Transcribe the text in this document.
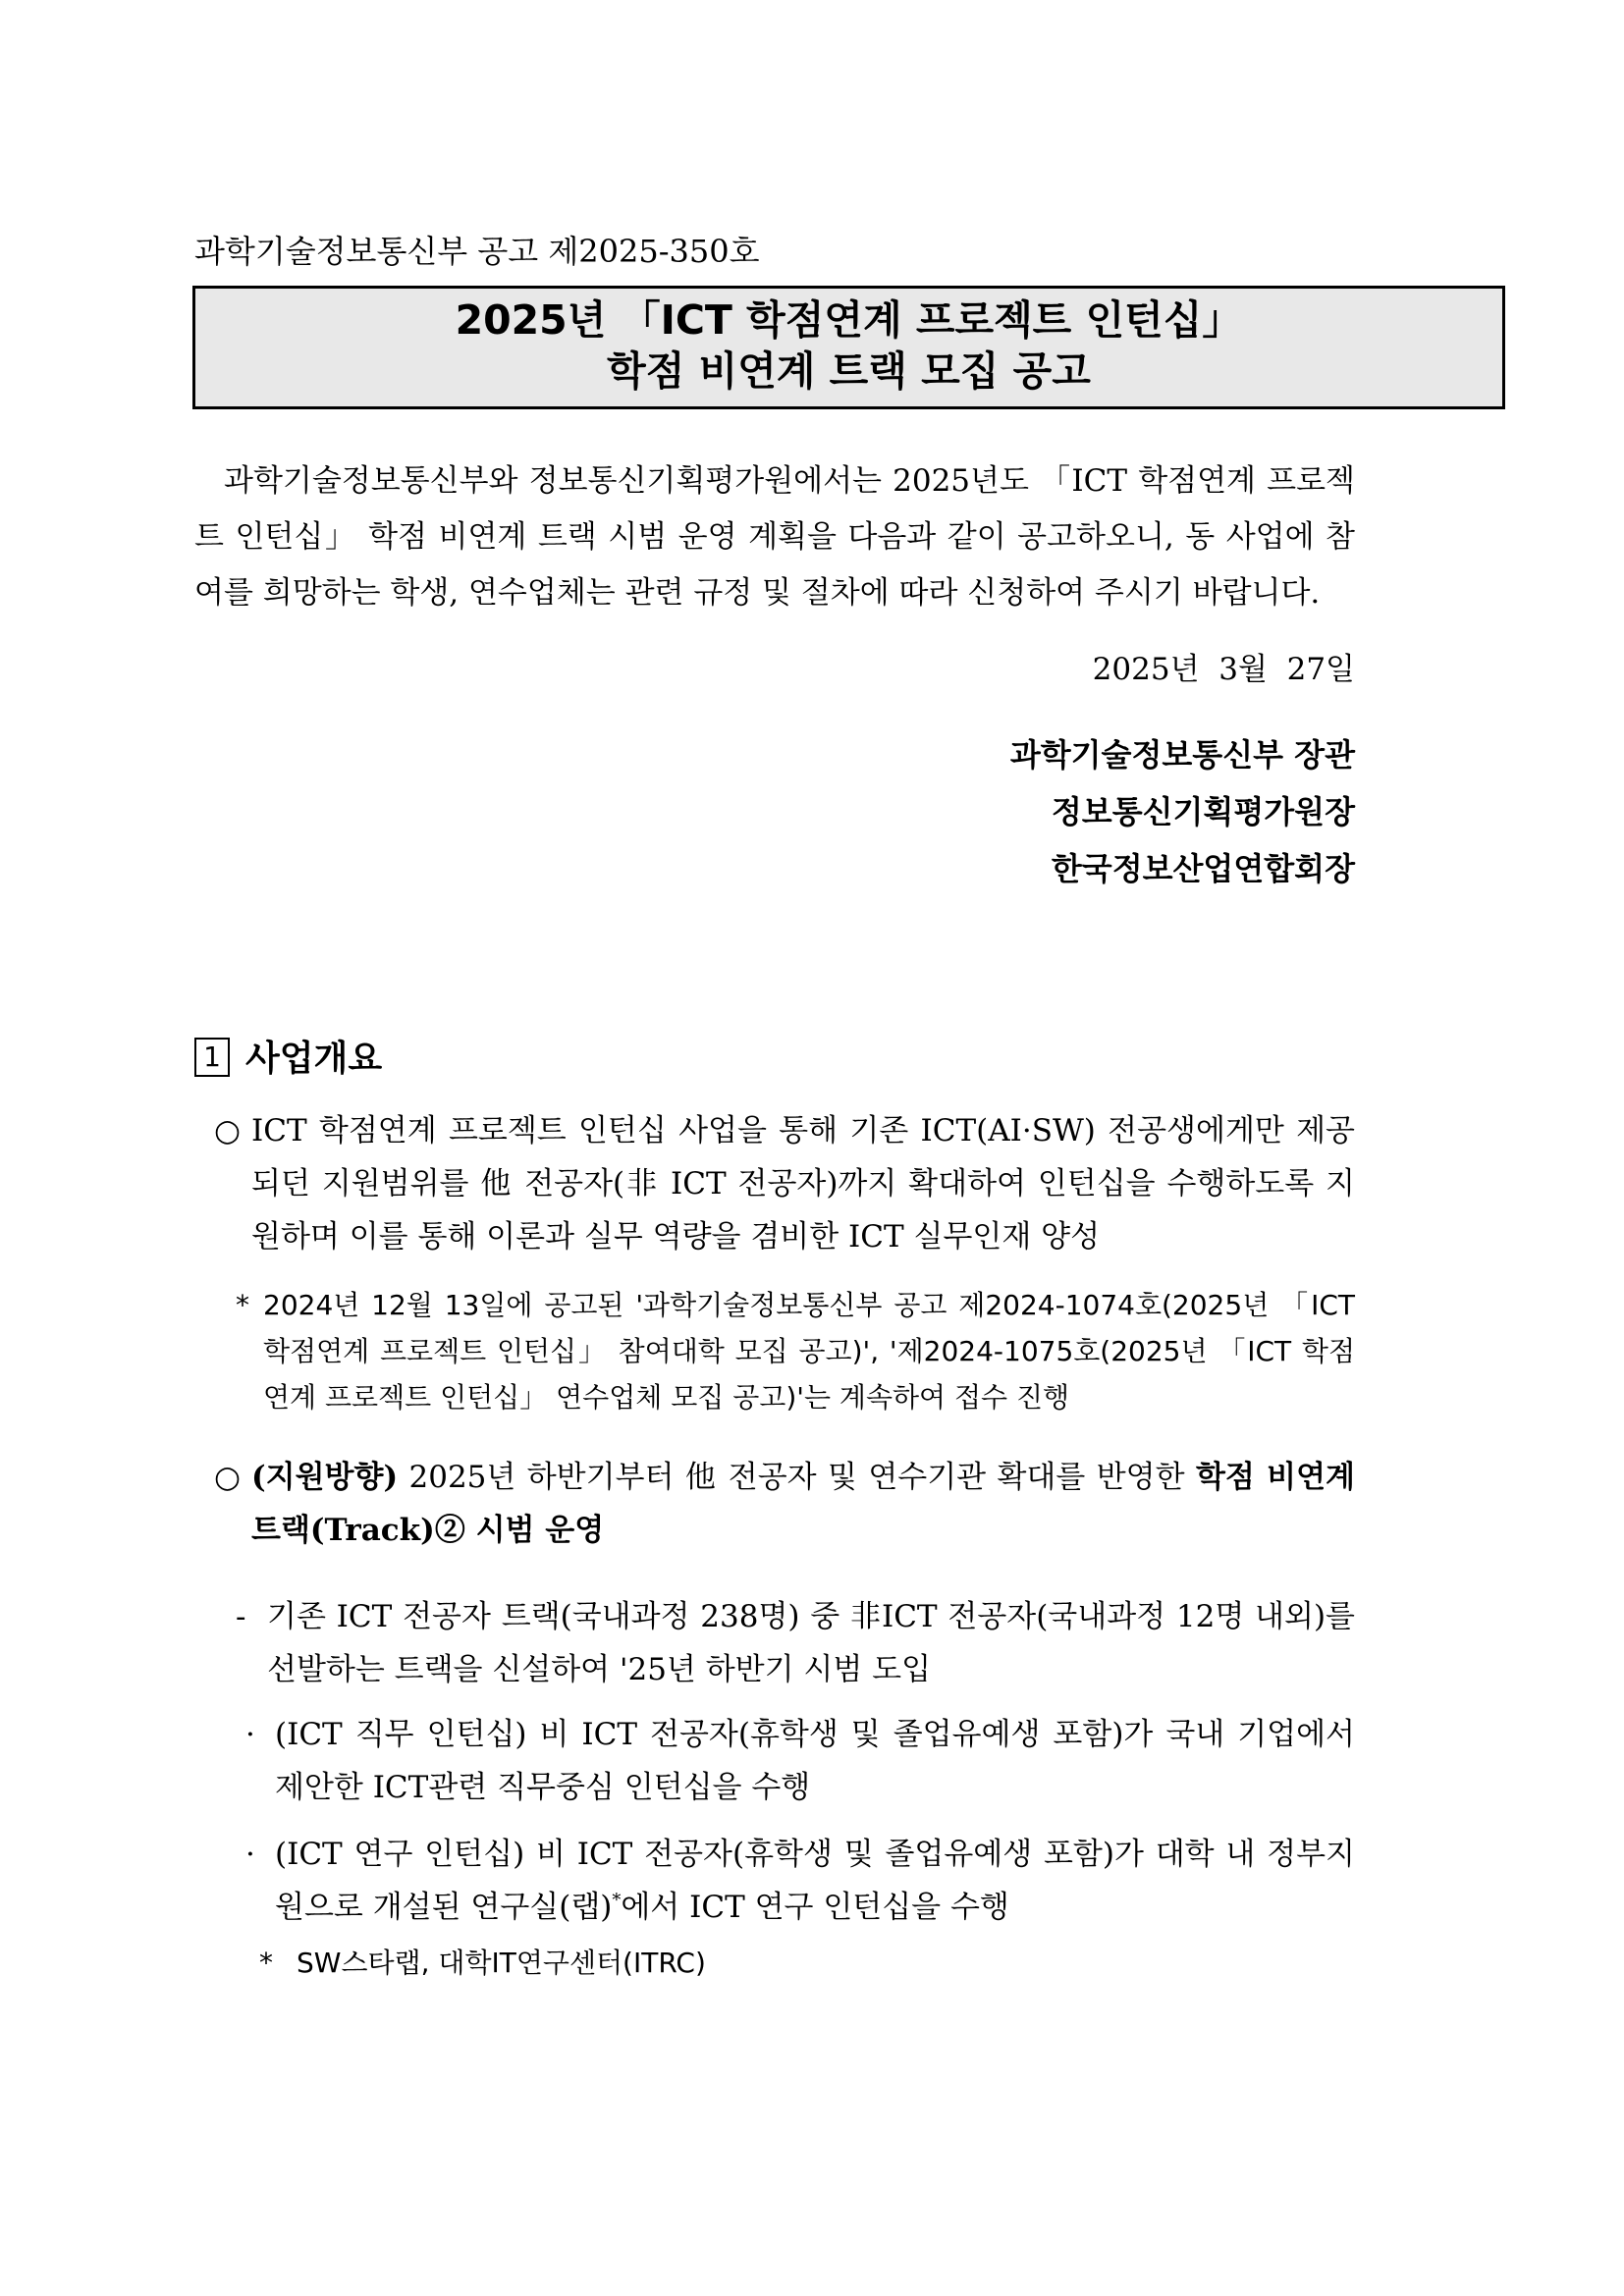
과학기술정보통신부 공고 제2025-350호
2025년 「ICT 학점연계 프로젝트 인턴십」
학점 비연계 트랙 모집 공고
과학기술정보통신부와 정보통신기획평가원에서는 2025년도 「ICT 학점연계 프로젝트 인턴십」 학점 비연계 트랙 시범 운영 계획을 다음과 같이 공고하오니, 동 사업에 참여를 희망하는 학생, 연수업체는 관련 규정 및 절차에 따라 신청하여 주시기 바랍니다.
2025년  3월  27일
과학기술정보통신부 장관
정보통신기획평가원장
한국정보산업연합회장
1 사업개요
○ ICT 학점연계 프로젝트 인턴십 사업을 통해 기존 ICT(AI·SW) 전공생에게만 제공되던 지원범위를 他 전공자(非 ICT 전공자)까지 확대하여 인턴십을 수행하도록 지원하며 이를 통해 이론과 실무 역량을 겸비한 ICT 실무인재 양성
* 2024년 12월 13일에 공고된 '과학기술정보통신부 공고 제2024-1074호(2025년 「ICT 학점연계 프로젝트 인턴십」 참여대학 모집 공고)', '제2024-1075호(2025년 「ICT 학점연계 프로젝트 인턴십」 연수업체 모집 공고)'는 계속하여 접수 진행
○ (지원방향) 2025년 하반기부터 他 전공자 및 연수기관 확대를 반영한 학점 비연계 트랙(Track)② 시범 운영
- 기존 ICT 전공자 트랙(국내과정 238명) 중 非ICT 전공자(국내과정 12명 내외)를 선발하는 트랙을 신설하여 '25년 하반기 시범 도입
· (ICT 직무 인턴십) 비 ICT 전공자(휴학생 및 졸업유예생 포함)가 국내 기업에서 제안한 ICT관련 직무중심 인턴십을 수행
· (ICT 연구 인턴십) 비 ICT 전공자(휴학생 및 졸업유예생 포함)가 대학 내 정부지원으로 개설된 연구실(랩)*에서 ICT 연구 인턴십을 수행
* SW스타랩, 대학IT연구센터(ITRC)
